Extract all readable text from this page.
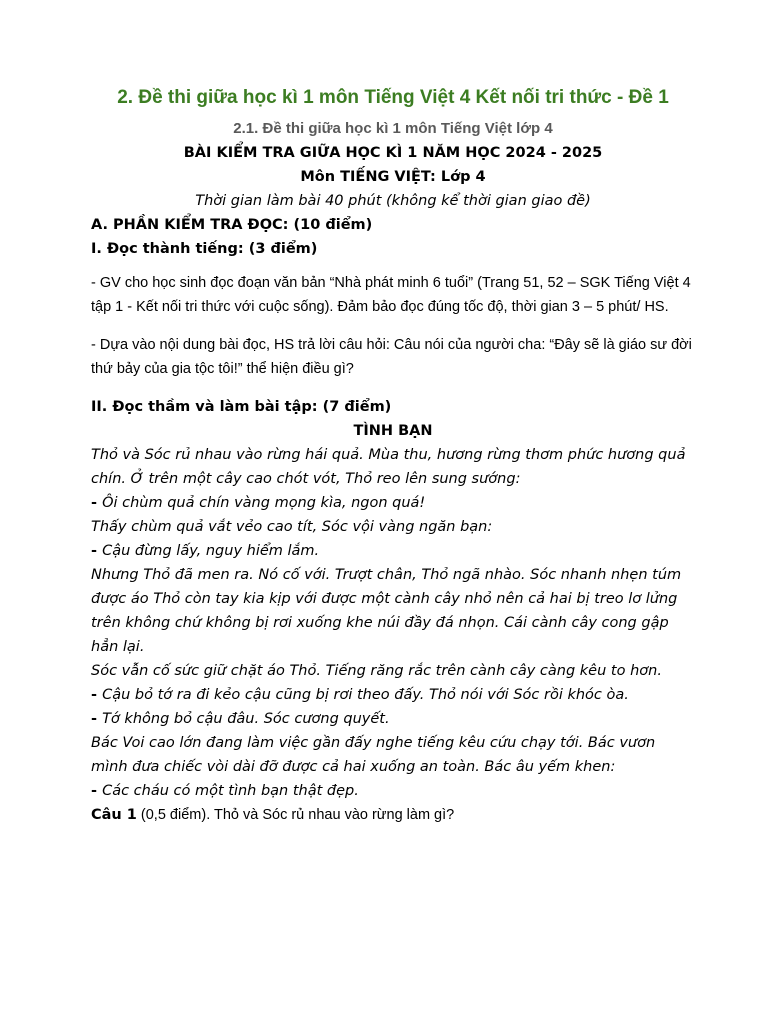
2. Đề thi giữa học kì 1 môn Tiếng Việt 4 Kết nối tri thức - Đề 1
2.1. Đề thi giữa học kì 1 môn Tiếng Việt lớp 4
BÀI KIỂM TRA GIỮA HỌC KÌ 1 NĂM HỌC 2024 - 2025
Môn TIẾNG VIỆT: Lớp 4
Thời gian làm bài 40 phút (không kể thời gian giao đề)
A. PHẦN KIỂM TRA ĐỌC: (10 điểm)
I. Đọc thành tiếng: (3 điểm)
- GV cho học sinh đọc đoạn văn bản “Nhà phát minh 6 tuổi” (Trang 51, 52 – SGK Tiếng Việt 4 tập 1 - Kết nối tri thức với cuộc sống). Đảm bảo đọc đúng tốc độ, thời gian 3 – 5 phút/ HS.
- Dựa vào nội dung bài đọc, HS trả lời câu hỏi: Câu nói của người cha: “Đây sẽ là giáo sư đời thứ bảy của gia tộc tôi!” thể hiện điều gì?
II. Đọc thầm và làm bài tập: (7 điểm)
TÌNH BẠN
Thỏ và Sóc rủ nhau vào rừng hái quả. Mùa thu, hương rừng thơm phức hương quả chín. Ở trên một cây cao chót vót, Thỏ reo lên sung sướng:
- Ôi chùm quả chín vàng mọng kìa, ngon quá!
Thấy chùm quả vắt vẻo cao tít, Sóc vội vàng ngăn bạn:
- Cậu đừng lấy, nguy hiểm lắm.
Nhưng Thỏ đã men ra. Nó cố với. Trượt chân, Thỏ ngã nhào. Sóc nhanh nhẹn túm được áo Thỏ còn tay kia kịp với được một cành cây nhỏ nên cả hai bị treo lơ lửng trên không chứ không bị rơi xuống khe núi đầy đá nhọn. Cái cành cây cong gập hẳn lại.
Sóc vẫn cố sức giữ chặt áo Thỏ. Tiếng răng rắc trên cành cây càng kêu to hơn.
- Cậu bỏ tớ ra đi kẻo cậu cũng bị rơi theo đấy. Thỏ nói với Sóc rồi khóc òa.
- Tớ không bỏ cậu đâu. Sóc cương quyết.
Bác Voi cao lớn đang làm việc gần đấy nghe tiếng kêu cứu chạy tới. Bác vươn mình đưa chiếc vòi dài đỡ được cả hai xuống an toàn. Bác âu yếm khen:
- Các cháu có một tình bạn thật đẹp.
Câu 1 (0,5 điểm). Thỏ và Sóc rủ nhau vào rừng làm gì?
